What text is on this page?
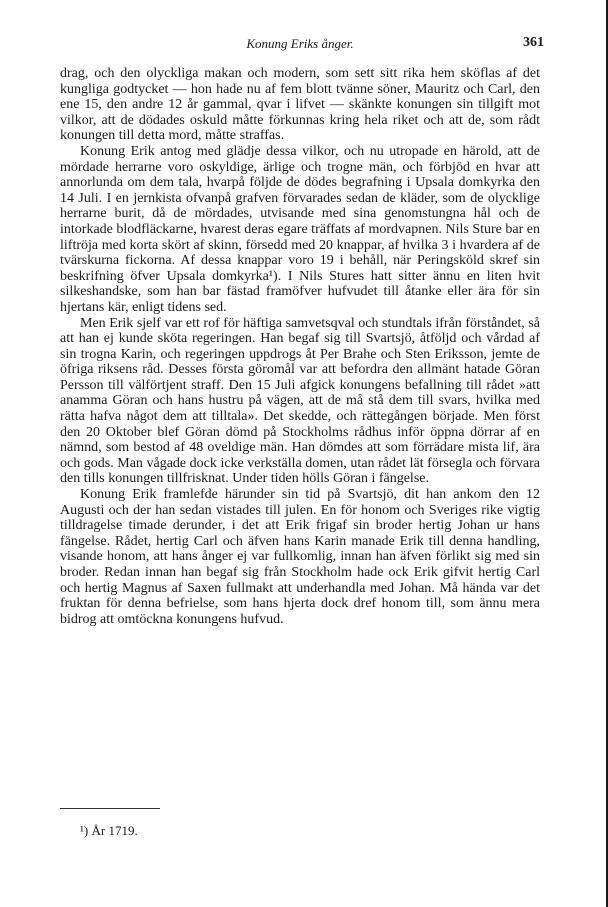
Konung Eriks ånger.	361

drag, och den olyckliga makan och modern, som sett sitt rika hem sköflas af det kungliga godtycket — hon hade nu af fem blott tvänne söner, Mauritz och Carl, den ene 15, den andre 12 år gammal, qvar i lifvet — skänkte konungen sin tillgift mot vilkor, att de dödades oskuld måtte förkunnas kring hela riket och att de, som rådt konungen till detta mord, måtte straffas.

Konung Erik antog med glädje dessa vilkor, och nu utropade en härold, att de mördade herrarne voro oskyldige, ärlige och trogne män, och förbjöd en hvar att annorlunda om dem tala, hvarpå följde de dödes begrafning i Upsala domkyrka den 14 Juli. I en jernkista ofvanpå grafven förvarades sedan de kläder, som de olycklige herrarne burit, då de mördades, utvisande med sina genomstungna hål och de intorkade blodfläckarne, hvarest deras egare träffats af mordvapnen. Nils Sture bar en liftröja med korta skört af skinn, försedd med 20 knappar, af hvilka 3 i hvardera af de tvärskurna fickorna. Af dessa knappar voro 19 i behåll, när Peringsköld skref sin beskrifning öfver Upsala domkyrka¹). I Nils Stures hatt sitter ännu en liten hvit silkeshandske, som han bar fästad framöfver hufvudet till åtanke eller ära för sin hjertans kär, enligt tidens sed.

Men Erik sjelf var ett rof för häftiga samvetsqval och stundtals ifrån förståndet, så att han ej kunde sköta regeringen. Han begaf sig till Svartsjö, åtföljd och vårdad af sin trogna Karin, och regeringen uppdrogs åt Per Brahe och Sten Eriksson, jemte de öfriga riksens råd. Desses första göromål var att befordra den allmänt hatade Göran Persson till välförtjent straff. Den 15 Juli afgick konungens befallning till rådet »att anamma Göran och hans hustru på vägen, att de må stå dem till svars, hvilka med rätta hafva något dem att tilltala». Det skedde, och rättegången började. Men först den 20 Oktober blef Göran dömd på Stockholms rådhus inför öppna dörrar af en nämnd, som bestod af 48 oveldige män. Han dömdes att som förrädare mista lif, ära och gods. Man vågade dock icke verkställa domen, utan rådet lät försegla och förvara den tills konungen tillfrisknat. Under tiden hölls Göran i fängelse.

Konung Erik framlefde härunder sin tid på Svartsjö, dit han ankom den 12 Augusti och der han sedan vistades till julen. En för honom och Sveriges rike vigtig tilldragelse timade derunder, i det att Erik frigaf sin broder hertig Johan ur hans fängelse. Rådet, hertig Carl och äfven hans Karin manade Erik till denna handling, visande honom, att hans ånger ej var fullkomlig, innan han äfven förlikt sig med sin broder. Redan innan han begaf sig från Stockholm hade ock Erik gifvit hertig Carl och hertig Magnus af Saxen fullmakt att underhandla med Johan. Må hända var det fruktan för denna befrielse, som hans hjerta dock dref honom till, som ännu mera bidrog att omtöckna konungens hufvud.

¹) År 1719.
